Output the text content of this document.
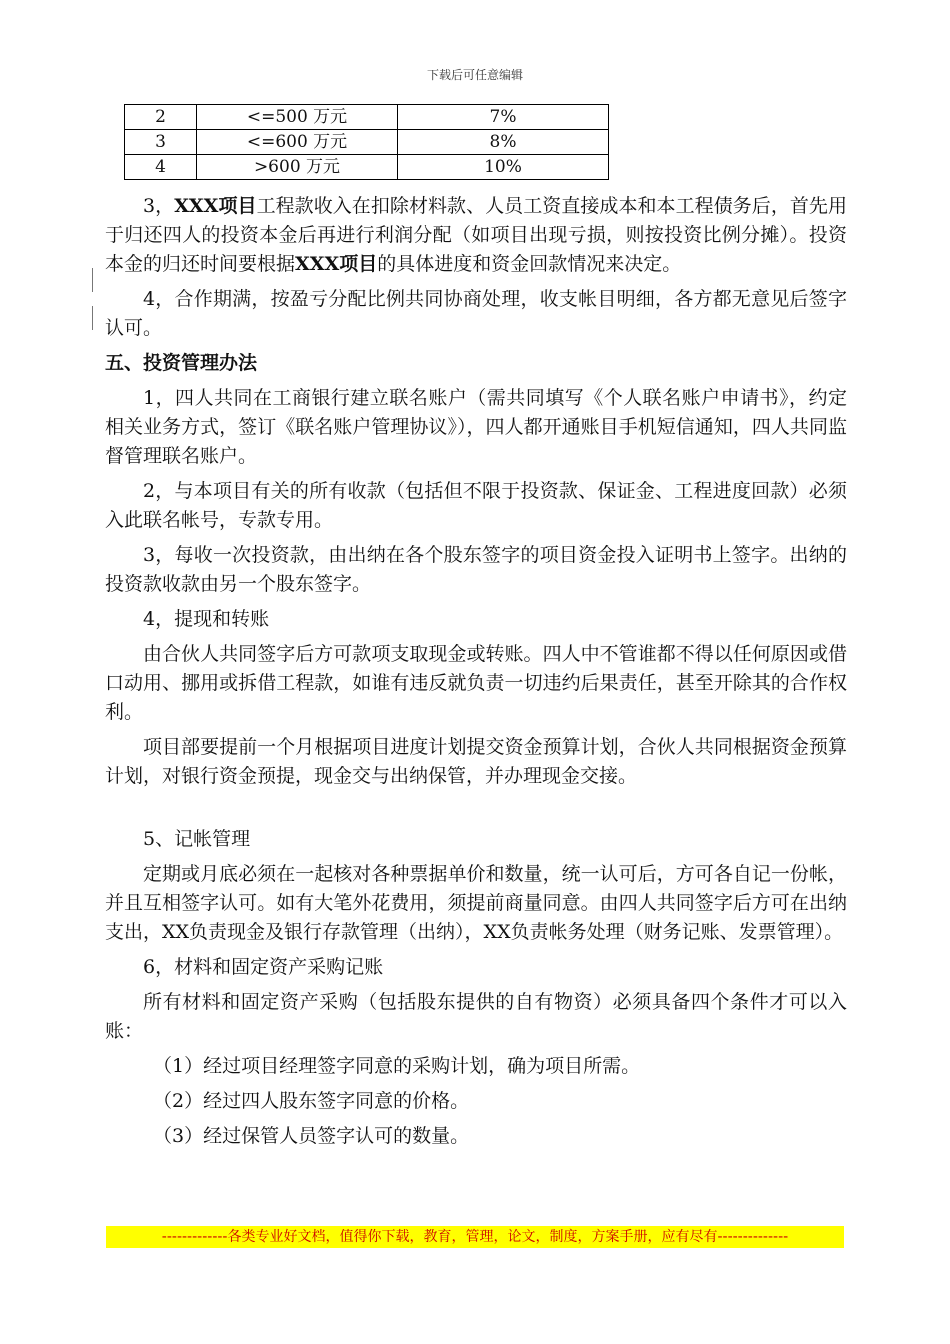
下载后可任意编辑
2	<=500 万元	7%
3	<=600 万元	8%
4	>600 万元	10%

3，XXX项目工程款收入在扣除材料款、人员工资直接成本和本工程债务后，首先用于归还四人的投资本金后再进行利润分配（如项目出现亏损，则按投资比例分摊）。投资本金的归还时间要根据XXX项目的具体进度和资金回款情况来决定。

4，合作期满，按盈亏分配比例共同协商处理，收支帐目明细，各方都无意见后签字认可。

五、投资管理办法

1，四人共同在工商银行建立联名账户（需共同填写《个人联名账户申请书》，约定相关业务方式，签订《联名账户管理协议》），四人都开通账目手机短信通知，四人共同监督管理联名账户。

2，与本项目有关的所有收款（包括但不限于投资款、保证金、工程进度回款）必须入此联名帐号，专款专用。

3，每收一次投资款，由出纳在各个股东签字的项目资金投入证明书上签字。出纳的投资款收款由另一个股东签字。

4，提现和转账

由合伙人共同签字后方可款项支取现金或转账。四人中不管谁都不得以任何原因或借口动用、挪用或拆借工程款，如谁有违反就负责一切违约后果责任，甚至开除其的合作权利。

项目部要提前一个月根据项目进度计划提交资金预算计划，合伙人共同根据资金预算计划，对银行资金预提，现金交与出纳保管，并办理现金交接。

5、记帐管理

定期或月底必须在一起核对各种票据单价和数量，统一认可后，方可各自记一份帐，并且互相签字认可。如有大笔外花费用，须提前商量同意。由四人共同签字后方可在出纳支出，XX负责现金及银行存款管理（出纳），XX负责帐务处理（财务记账、发票管理）。

6，材料和固定资产采购记账

所有材料和固定资产采购（包括股东提供的自有物资）必须具备四个条件才可以入账：

（1）经过项目经理签字同意的采购计划，确为项目所需。

（2）经过四人股东签字同意的价格。

（3）经过保管人员签字认可的数量。

-------------各类专业好文档，值得你下载，教育，管理，论文，制度，方案手册，应有尽有--------------
